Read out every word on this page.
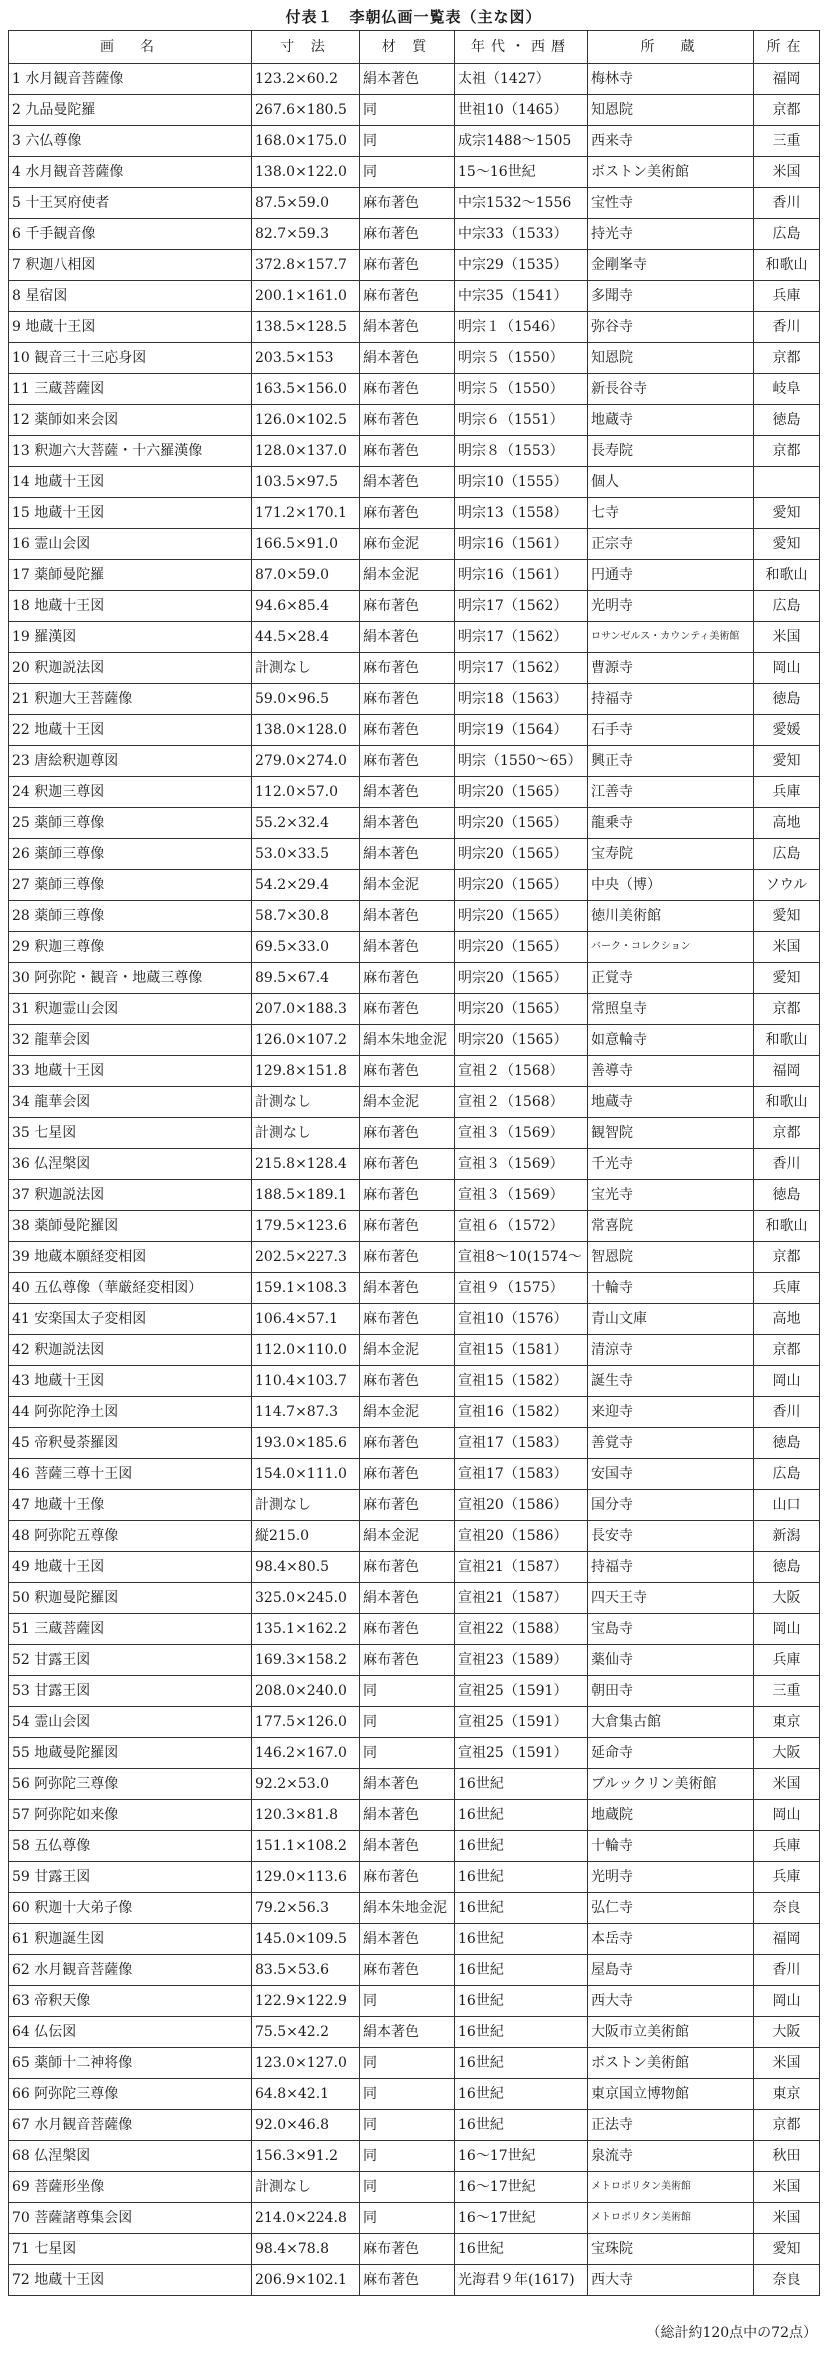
付表１　李朝仏画一覧表（主な図）
画　名	寸 法	材 質	年代・西暦	所　蔵	所在
1 水月観音菩薩像	123.2×60.2	絹本著色	太祖（1427）	梅林寺	福岡
2 九品曼陀羅	267.6×180.5	同	世祖10（1465）	知恩院	京都
3 六仏尊像	168.0×175.0	同	成宗1488～1505	西来寺	三重
4 水月観音菩薩像	138.0×122.0	同	15～16世紀	ボストン美術館	米国
5 十王冥府使者	87.5×59.0	麻布著色	中宗1532～1556	宝性寺	香川
6 千手観音像	82.7×59.3	麻布著色	中宗33（1533）	持光寺	広島
7 釈迦八相図	372.8×157.7	麻布著色	中宗29（1535）	金剛峯寺	和歌山
8 星宿図	200.1×161.0	麻布著色	中宗35（1541）	多聞寺	兵庫
9 地蔵十王図	138.5×128.5	絹本著色	明宗１（1546）	弥谷寺	香川
10 観音三十三応身図	203.5×153	絹本著色	明宗５（1550）	知恩院	京都
11 三蔵菩薩図	163.5×156.0	麻布著色	明宗５（1550）	新長谷寺	岐阜
12 薬師如来会図	126.0×102.5	麻布著色	明宗６（1551）	地蔵寺	徳島
13 釈迦六大菩薩・十六羅漢像	128.0×137.0	麻布著色	明宗８（1553）	長寿院	京都
14 地蔵十王図	103.5×97.5	絹本著色	明宗10（1555）	個人	
15 地蔵十王図	171.2×170.1	麻布著色	明宗13（1558）	七寺	愛知
16 霊山会図	166.5×91.0	麻布金泥	明宗16（1561）	正宗寺	愛知
17 薬師曼陀羅	87.0×59.0	絹本金泥	明宗16（1561）	円通寺	和歌山
18 地蔵十王図	94.6×85.4	麻布著色	明宗17（1562）	光明寺	広島
19 羅漢図	44.5×28.4	絹本著色	明宗17（1562）	ロサンゼルス・カウンティ美術館	米国
20 釈迦説法図	計測なし	麻布著色	明宗17（1562）	曹源寺	岡山
21 釈迦大王菩薩像	59.0×96.5	麻布著色	明宗18（1563）	持福寺	徳島
22 地蔵十王図	138.0×128.0	麻布著色	明宗19（1564）	石手寺	愛媛
23 唐絵釈迦尊図	279.0×274.0	麻布著色	明宗（1550～65）	興正寺	愛知
24 釈迦三尊図	112.0×57.0	絹本著色	明宗20（1565）	江善寺	兵庫
25 薬師三尊像	55.2×32.4	絹本著色	明宗20（1565）	龍乗寺	高地
26 薬師三尊像	53.0×33.5	絹本著色	明宗20（1565）	宝寿院	広島
27 薬師三尊像	54.2×29.4	絹本金泥	明宗20（1565）	中央（博）	ソウル
28 薬師三尊像	58.7×30.8	絹本著色	明宗20（1565）	徳川美術館	愛知
29 釈迦三尊像	69.5×33.0	絹本著色	明宗20（1565）	バーク・コレクション	米国
30 阿弥陀・観音・地蔵三尊像	89.5×67.4	麻布著色	明宗20（1565）	正覚寺	愛知
31 釈迦霊山会図	207.0×188.3	麻布著色	明宗20（1565）	常照皇寺	京都
32 龍華会図	126.0×107.2	絹本朱地金泥	明宗20（1565）	如意輪寺	和歌山
33 地蔵十王図	129.8×151.8	麻布著色	宣祖２（1568）	善導寺	福岡
34 龍華会図	計測なし	絹本金泥	宣祖２（1568）	地蔵寺	和歌山
35 七星図	計測なし	麻布著色	宣祖３（1569）	観智院	京都
36 仏涅槃図	215.8×128.4	麻布著色	宣祖３（1569）	千光寺	香川
37 釈迦説法図	188.5×189.1	麻布著色	宣祖３（1569）	宝光寺	徳島
38 薬師曼陀羅図	179.5×123.6	麻布著色	宣祖６（1572）	常喜院	和歌山
39 地蔵本願経変相図	202.5×227.3	麻布著色	宣祖8～10(1574～	智恩院	京都
40 五仏尊像（華厳経変相図）	159.1×108.3	絹本著色	宣祖９（1575）	十輪寺	兵庫
41 安楽国太子変相図	106.4×57.1	麻布著色	宣祖10（1576）	青山文庫	高地
42 釈迦説法図	112.0×110.0	絹本金泥	宣祖15（1581）	清涼寺	京都
43 地蔵十王図	110.4×103.7	麻布著色	宣祖15（1582）	誕生寺	岡山
44 阿弥陀浄土図	114.7×87.3	絹本金泥	宣祖16（1582）	来迎寺	香川
45 帝釈曼荼羅図	193.0×185.6	麻布著色	宣祖17（1583）	善覚寺	徳島
46 菩薩三尊十王図	154.0×111.0	麻布著色	宣祖17（1583）	安国寺	広島
47 地蔵十王像	計測なし	麻布著色	宣祖20（1586）	国分寺	山口
48 阿弥陀五尊像	縦215.0	絹本金泥	宣祖20（1586）	長安寺	新潟
49 地蔵十王図	98.4×80.5	麻布著色	宣祖21（1587）	持福寺	徳島
50 釈迦曼陀羅図	325.0×245.0	絹本著色	宣祖21（1587）	四天王寺	大阪
51 三蔵菩薩図	135.1×162.2	麻布著色	宣祖22（1588）	宝島寺	岡山
52 甘露王図	169.3×158.2	麻布著色	宣祖23（1589）	薬仙寺	兵庫
53 甘露王図	208.0×240.0	同	宣祖25（1591）	朝田寺	三重
54 霊山会図	177.5×126.0	同	宣祖25（1591）	大倉集古館	東京
55 地蔵曼陀羅図	146.2×167.0	同	宣祖25（1591）	延命寺	大阪
56 阿弥陀三尊像	92.2×53.0	絹本著色	16世紀	ブルックリン美術館	米国
57 阿弥陀如来像	120.3×81.8	絹本著色	16世紀	地蔵院	岡山
58 五仏尊像	151.1×108.2	絹本著色	16世紀	十輪寺	兵庫
59 甘露王図	129.0×113.6	麻布著色	16世紀	光明寺	兵庫
60 釈迦十大弟子像	79.2×56.3	絹本朱地金泥	16世紀	弘仁寺	奈良
61 釈迦誕生図	145.0×109.5	絹本著色	16世紀	本岳寺	福岡
62 水月観音菩薩像	83.5×53.6	麻布著色	16世紀	屋島寺	香川
63 帝釈天像	122.9×122.9	同	16世紀	西大寺	岡山
64 仏伝図	75.5×42.2	絹本著色	16世紀	大阪市立美術館	大阪
65 薬師十二神将像	123.0×127.0	同	16世紀	ボストン美術館	米国
66 阿弥陀三尊像	64.8×42.1	同	16世紀	東京国立博物館	東京
67 水月観音菩薩像	92.0×46.8	同	16世紀	正法寺	京都
68 仏涅槃図	156.3×91.2	同	16～17世紀	泉流寺	秋田
69 菩薩形坐像	計測なし	同	16～17世紀	メトロポリタン美術館	米国
70 菩薩諸尊集会図	214.0×224.8	同	16～17世紀	メトロポリタン美術館	米国
71 七星図	98.4×78.8	麻布著色	16世紀	宝珠院	愛知
72 地蔵十王図	206.9×102.1	麻布著色	光海君９年(1617)	西大寺	奈良
（総計約120点中の72点）
